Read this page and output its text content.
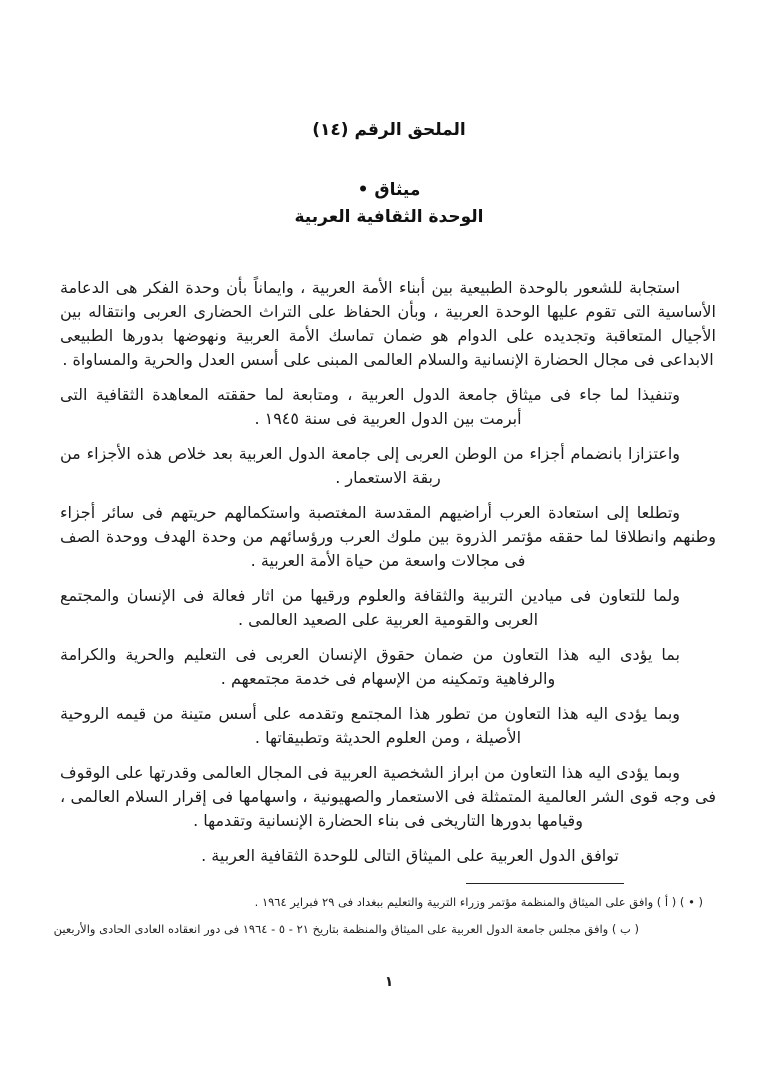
الملحق الرقم (١٤)
ميثاق •
الوحدة الثقافية العربية

استجابة للشعور بالوحدة الطبيعية بين أبناء الأمة العربية ، وايماناً بأن وحدة الفكر هى الدعامة الأساسية التى تقوم عليها الوحدة العربية ، وبأن الحفاظ على التراث الحضارى العربى وانتقاله بين الأجيال المتعاقبة وتجديده على الدوام هو ضمان تماسك الأمة العربية ونهوضها بدورها الطبيعى الابداعى فى مجال الحضارة الإنسانية والسلام العالمى المبنى على أسس العدل والحرية والمساواة .

وتنفيذا لما جاء فى ميثاق جامعة الدول العربية ، ومتابعة لما حققته المعاهدة الثقافية التى أبرمت بين الدول العربية فى سنة ١٩٤٥ .

واعتزازا بانضمام أجزاء من الوطن العربى إلى جامعة الدول العربية بعد خلاص هذه الأجزاء من ربقة الاستعمار .

وتطلعا إلى استعادة العرب أراضيهم المقدسة المغتصبة واستكمالهم حريتهم فى سائر أجزاء وطنهم وانطلاقا لما حققه مؤتمر الذروة بين ملوك العرب ورؤسائهم من وحدة الهدف ووحدة الصف فى مجالات واسعة من حياة الأمة العربية .

ولما للتعاون فى ميادين التربية والثقافة والعلوم ورقيها من اثار فعالة فى الإنسان والمجتمع العربى والقومية العربية على الصعيد العالمى .

بما يؤدى اليه هذا التعاون من ضمان حقوق الإنسان العربى فى التعليم والحرية والكرامة والرفاهية وتمكينه من الإسهام فى خدمة مجتمعهم .

وبما يؤدى اليه هذا التعاون من تطور هذا المجتمع وتقدمه على أسس متينة من قيمه الروحية الأصيلة ، ومن العلوم الحديثة وتطبيقاتها .

وبما يؤدى اليه هذا التعاون من ابراز الشخصية العربية فى المجال العالمى وقدرتها على الوقوف فى وجه قوى الشر العالمية المتمثلة فى الاستعمار والصهيونية ، واسهامها فى إقرار السلام العالمى ، وقيامها بدورها التاريخى فى بناء الحضارة الإنسانية وتقدمها .

توافق الدول العربية على الميثاق التالى للوحدة الثقافية العربية .

( • ) ( أ ) وافق على الميثاق والمنظمة مؤتمر وزراء التربية والتعليم ببغداد فى ٢٩ فبراير ١٩٦٤ .
( ب ) وافق مجلس جامعة الدول العربية على الميثاق والمنظمة بتاريخ ٢١ - ٥ - ١٩٦٤ فى دور انعقاده العادى الحادى والأربعين
١
